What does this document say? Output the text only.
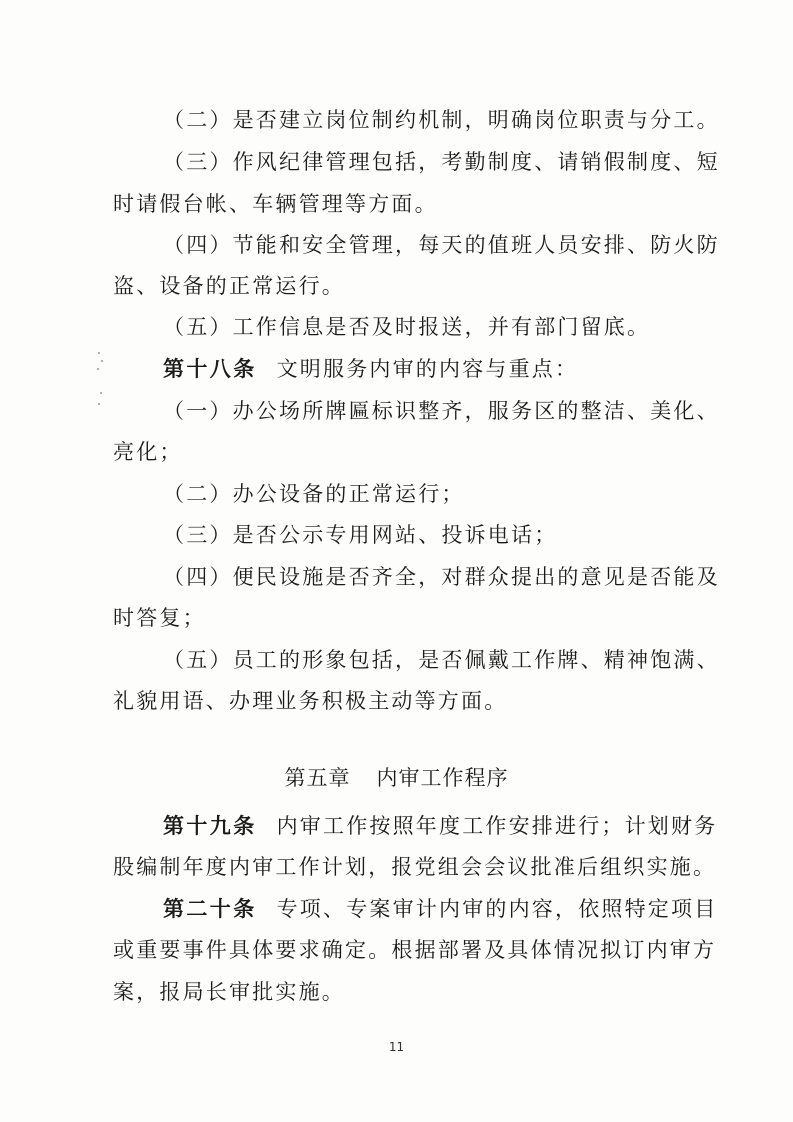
（二）是否建立岗位制约机制，明确岗位职责与分工。
（三）作风纪律管理包括，考勤制度、请销假制度、短
时请假台帐、车辆管理等方面。
（四）节能和安全管理，每天的值班人员安排、防火防
盗、设备的正常运行。
（五）工作信息是否及时报送，并有部门留底。
第十八条 文明服务内审的内容与重点：
（一）办公场所牌匾标识整齐，服务区的整洁、美化、
亮化；
（二）办公设备的正常运行；
（三）是否公示专用网站、投诉电话；
（四）便民设施是否齐全，对群众提出的意见是否能及
时答复；
（五）员工的形象包括，是否佩戴工作牌、精神饱满、
礼貌用语、办理业务积极主动等方面。
第五章 内审工作程序
第十九条 内审工作按照年度工作安排进行；计划财务
股编制年度内审工作计划，报党组会会议批准后组织实施。
第二十条 专项、专案审计内审的内容，依照特定项目
或重要事件具体要求确定。根据部署及具体情况拟订内审方
案，报局长审批实施。
11
